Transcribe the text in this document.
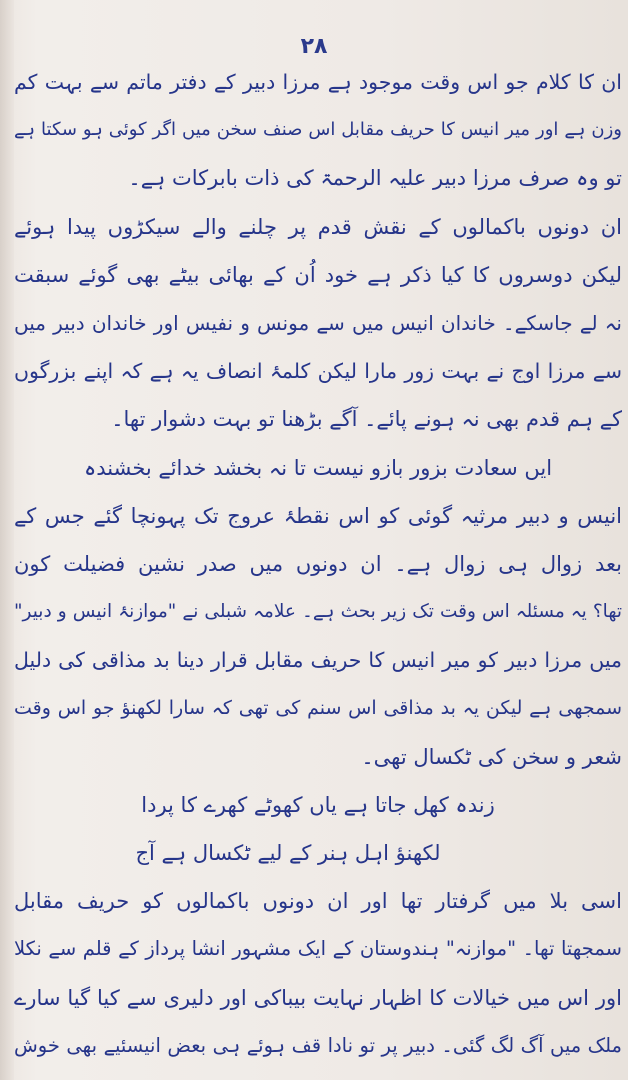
۲۸
ان کا کلام جو اس وقت موجود ہے مرزا دبیر کے دفتر ماتم سے بہت کم
وزن ہے اور میر انیس کا حریف مقابل اس صنف سخن میں اگر کوئی ہو سکتا ہے
تو وہ صرف مرزا دبیر علیہ الرحمۃ کی ذات بابرکات ہے۔
ان دونوں باکمالوں کے نقش قدم پر چلنے والے سیکڑوں پیدا ہوئے
لیکن دوسروں کا کیا ذکر ہے خود اُن کے بھائی بیٹے بھی گوئے سبقت
نہ لے جاسکے۔ خاندان انیس میں سے مونس و نفیس اور خاندان دبیر میں
سے مرزا اوج نے بہت زور مارا لیکن کلمۂ انصاف یہ ہے کہ اپنے بزرگوں
کے ہم قدم بھی نہ ہونے پائے۔ آگے بڑھنا تو بہت دشوار تھا۔
ایں سعادت بزور بازو نیست تا نہ بخشد خدائے بخشندہ
انیس و دبیر مرثیہ گوئی کو اس نقطۂ عروج تک پہونچا گئے جس کے
بعد زوال ہی زوال ہے۔ ان دونوں میں صدر نشین فضیلت کون
تھا؟ یہ مسئلہ اس وقت تک زیر بحث ہے۔ علامہ شبلی نے "موازنۂ انیس و دبیر"
میں مرزا دبیر کو میر انیس کا حریف مقابل قرار دینا بد مذاقی کی دلیل
سمجھی ہے لیکن یہ بد مذاقی اس سنم کی تھی کہ سارا لکھنؤ جو اس وقت
شعر و سخن کی ٹکسال تھی۔
زندہ کھل جاتا ہے یاں کھوٹے کھرے کا پردا
لکھنؤ اہل ہنر کے لیے ٹکسال ہے آج
اسی بلا میں گرفتار تھا اور ان دونوں باکمالوں کو حریف مقابل
سمجھتا تھا۔ "موازنہ" ہندوستان کے ایک مشہور انشا پرداز کے قلم سے نکلا
اور اس میں خیالات کا اظہار نہایت بیباکی اور دلیری سے کیا گیا سارے
ملک میں آگ لگ گئی۔ دبیر پر تو نادا قف ہوئے ہی بعض انیسئیے بھی خوش
